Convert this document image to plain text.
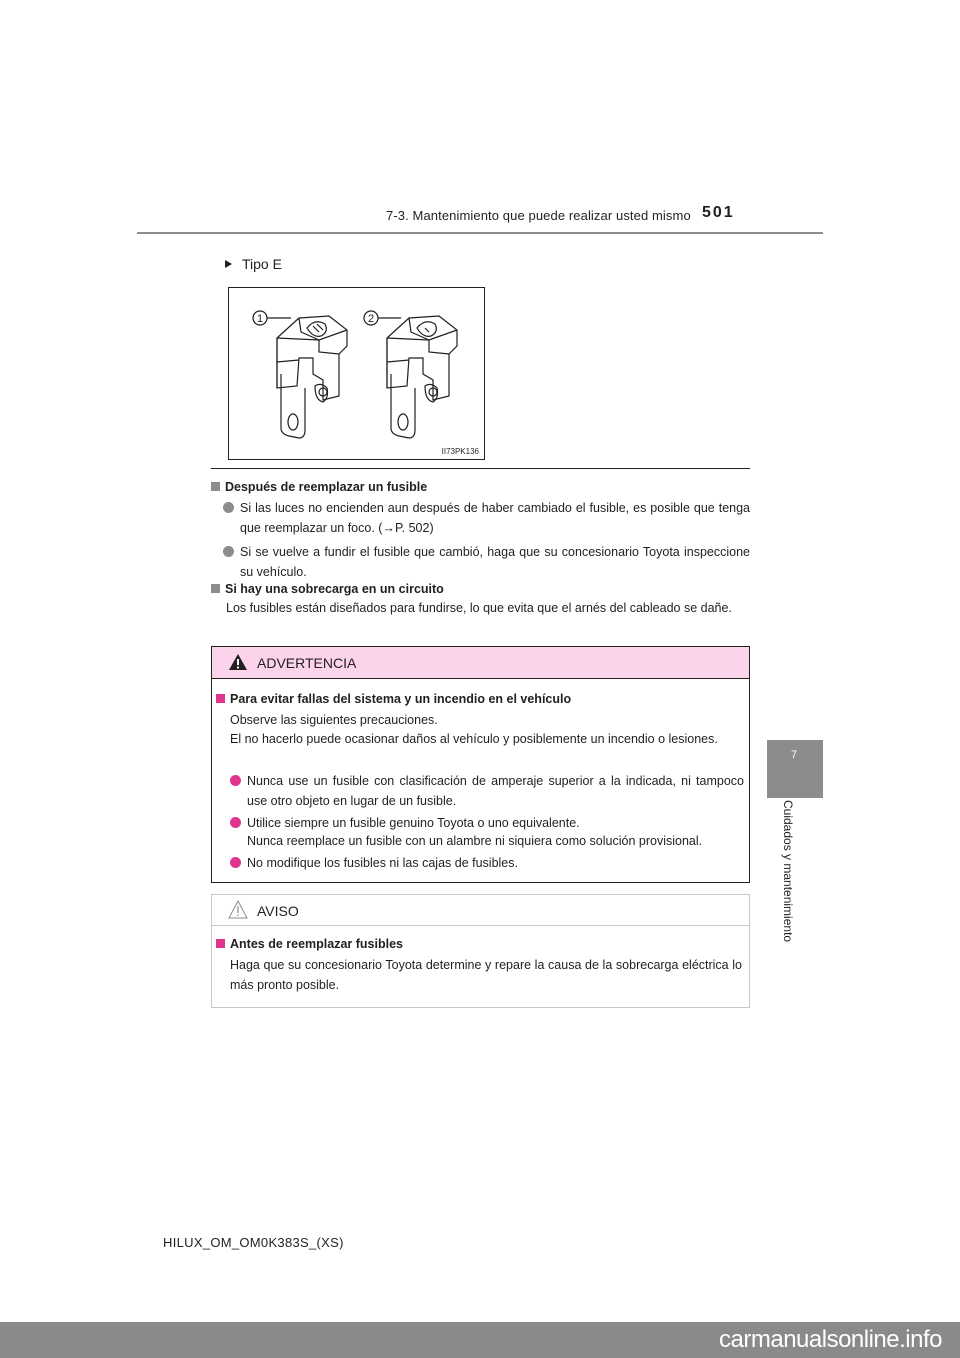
7-3. Mantenimiento que puede realizar usted mismo 501
7
Cuidados y mantenimiento
Tipo E
1	2
II73PK136
Después de reemplazar un fusible
Si las luces no encienden aun después de haber cambiado el fusible, es posible que tenga que reemplazar un foco. (→P. 502)
Si se vuelve a fundir el fusible que cambió, haga que su concesionario Toyota inspeccione su vehículo.
Si hay una sobrecarga en un circuito
Los fusibles están diseñados para fundirse, lo que evita que el arnés del cableado se dañe.
ADVERTENCIA
Para evitar fallas del sistema y un incendio en el vehículo
Observe las siguientes precauciones.
El no hacerlo puede ocasionar daños al vehículo y posiblemente un incendio o lesiones.
Nunca use un fusible con clasificación de amperaje superior a la indicada, ni tampoco use otro objeto en lugar de un fusible.
Utilice siempre un fusible genuino Toyota o uno equivalente.
Nunca reemplace un fusible con un alambre ni siquiera como solución provisional.
No modifique los fusibles ni las cajas de fusibles.
AVISO
Antes de reemplazar fusibles
Haga que su concesionario Toyota determine y repare la causa de la sobrecarga eléctrica lo más pronto posible.
HILUX_OM_OM0K383S_(XS)
carmanualsonline.info
